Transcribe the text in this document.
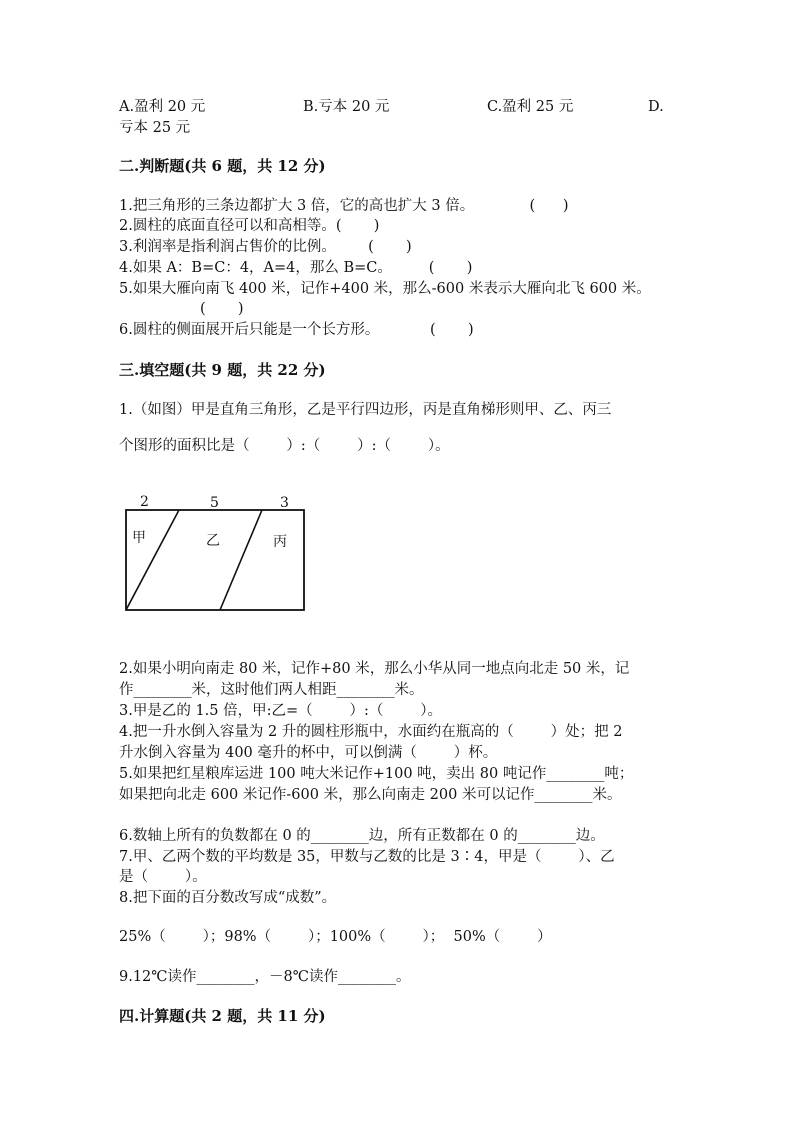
A.盈利 20 元	B.亏本 20 元	C.盈利 25 元	D.
亏本 25 元
二.判断题(共 6 题，共 12 分)
1.把三角形的三条边都扩大 3 倍，它的高也扩大 3 倍。            (      )
2.圆柱的底面直径可以和高相等。(       )
3.利润率是指利润占售价的比例。       (       )
4.如果 A：B=C：4，A=4，那么 B=C。        (       )
5.如果大雁向南飞 400 米，记作+400 米，那么-600 米表示大雁向北飞 600 米。
(       )
6.圆柱的侧面展开后只能是一个长方形。           (       )
三.填空题(共 9 题，共 22 分)
1.（如图）甲是直角三角形，乙是平行四边形，丙是直角梯形则甲、乙、丙三
个图形的面积比是（        ）:（        ）:（        ）。
2	5	3
甲	乙	丙
2.如果小明向南走 80 米，记作+80 米，那么小华从同一地点向北走 50 米，记
作________米，这时他们两人相距________米。
3.甲是乙的 1.5 倍，甲:乙=（        ）:（        ）。
4.把一升水倒入容量为 2 升的圆柱形瓶中，水面约在瓶高的（        ）处；把 2
升水倒入容量为 400 毫升的杯中，可以倒满（        ）杯。
5.如果把红星粮库运进 100 吨大米记作+100 吨，卖出 80 吨记作________吨；
如果把向北走 600 米记作-600 米，那么向南走 200 米可以记作________米。
6.数轴上所有的负数都在 0 的________边，所有正数都在 0 的________边。
7.甲、乙两个数的平均数是 35，甲数与乙数的比是 3∶4，甲是（        ）、乙
是（        ）。
8.把下面的百分数改写成“成数”。
25%（        ）；98%（        ）；100%（        ）；  50%（        ）
9.12℃读作________，－8℃读作________。
四.计算题(共 2 题，共 11 分)
